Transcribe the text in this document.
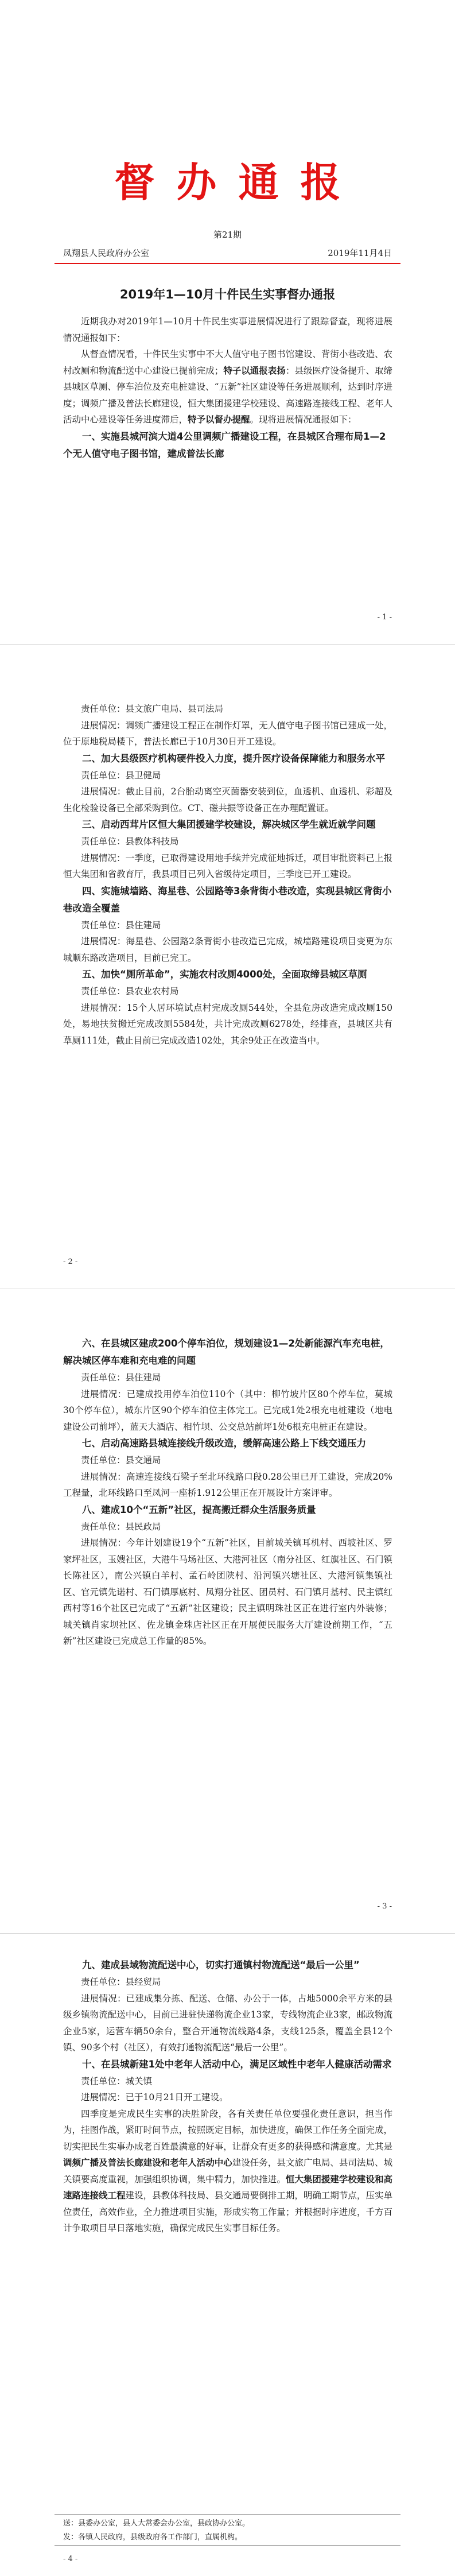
督办通报
第21期
凤翔县人民政府办公室	2019年11月4日
2019年1—10月十件民生实事督办通报

近期我办对2019年1—10月十件民生实事进展情况进行了跟踪督查，现将进展情况通报如下：

从督查情况看，十件民生实事中不大人值守电子图书馆建设、背街小巷改造、农村改厕和物流配送中心建设已提前完成；特子以通报表扬：县级医疗设备提升、取缔县城区草厕、停车泊位及充电桩建设、“五新”社区建设等任务进展顺利，达到时序进度；调频广播及普法长廊建设，恒大集团援建学校建设、高速路连接线工程、老年人活动中心建设等任务进度滞后，特予以督办提醒。现将进展情况通报如下：

一、实施县城河滨大道4公里调频广播建设工程，在县城区合理布局1—2个无人值守电子图书馆，建成普法长廊

- 1 -

责任单位：县文旅广电局、县司法局

进展情况：调频广播建设工程正在制作灯罩，无人值守电子图书馆已建成一处，位于原地税局楼下，普法长廊已于10月30日开工建设。

二、加大县级医疗机构硬件投入力度，提升医疗设备保障能力和服务水平

责任单位：县卫健局

进展情况：截止目前，2台胎动离空灭菌器安装到位，血透机、血透机、彩超及生化检验设备已全部采购到位。CT、磁共振等设备正在办理配置证。

三、启动西茸片区恒大集团援建学校建设，解决城区学生就近就学问题

责任单位：县教体科技局

进展情况：一季度，已取得建设用地手续并完成征地拆迁，项目审批资料已上报恒大集团和省教育厅，我县项目已列入省级待定项目，三季度已开工建设。

四、实施城墙路、海星巷、公园路等3条背街小巷改造，实现县城区背街小巷改造全覆盖

责任单位：县住建局

进展情况：海星巷、公园路2条背街小巷改造已完成，城墙路建设项目变更为东城顺东路改造项目，目前已完工。

五、加快“厕所革命”，实施农村改厕4000处，全面取缔县城区草厕

责任单位：县农业农村局

进展情况：15个人居环境试点村完成改厕544处，全县危房改造完成改厕150处，易地扶贫搬迁完成改厕5584处，共计完成改厕6278处，经排查，县城区共有草厕111处，截止目前已完成改造102处，其余9处正在改造当中。

- 2 -

六、在县城区建成200个停车泊位，规划建设1—2处新能源汽车充电桩，解决城区停车难和充电难的问题

责任单位：县住建局

进展情况：已建成投用停车泊位110个（其中：柳竹坡片区80个停车位，莫城30个停车位），城东片区90个停车泊位主体完工。已完成1处2根充电桩建设（地电建设公司前坪），蓝天大酒店、相竹坝、公交总站前坪1处6根充电桩正在建设。

七、启动高速路县城连接线升级改造，缓解高速公路上下线交通压力

责任单位：县交通局

进展情况：高速连接线石梁子至北环线路口段0.28公里已开工建设，完成20%工程量，北环线路口至凤河一座桥1.912公里正在开展设计方案评审。

八、建成10个“五新”社区，提高搬迁群众生活服务质量

责任单位：县民政局

进展情况：今年计划建设19个“五新”社区，目前城关镇耳机村、西坡社区、罗家坪社区，玉嫂社区，大港牛马场社区、大港河社区（南分社区、红旗社区、石门镇长陈社区），南公兴镇白羊村、孟石岭团陕村、沿河镇兴塘社区、大港河镇集镇社区、官元镇先诺村、石门镇厚底村、凤翔分社区、团员村、石门镇月基村、民主镇红西村等16个社区已完成了“五新”社区建设；民主镇明珠社区正在进行室内外装修；城关镇肖家坝社区、佐龙镇金珠店社区正在开展便民服务大厅建设前期工作，“五新”社区建设已完成总工作量的85%。

- 3 -

九、建成县域物流配送中心，切实打通镇村物流配送“最后一公里”

责任单位：县经贸局

进展情况：已建成集分拣、配送、仓储、办公于一体，占地5000余平方米的县级乡镇物流配送中心，目前已进驻快递物流企业13家，专线物流企业3家，邮政物流企业5家，运营车辆50余台，整合开通物流线路4条，支线125条，覆盖全县12个镇、90多个村（社区），有效打通物流配送“最后一公里”。

十、在县城新建1处中老年人活动中心，满足区域性中老年人健康活动需求

责任单位：城关镇

进展情况：已于10月21日开工建设。

四季度是完成民生实事的决胜阶段，各有关责任单位要强化责任意识，担当作为，挂图作战，紧盯时间节点，按照既定目标，加快进度，确保工作任务全面完成，切实把民生实事办成老百姓最满意的好事，让群众有更多的获得感和满意度。尤其是调频广播及普法长廊建设和老年人活动中心建设任务，县文旅广电局、县司法局、城关镇要高度重视，加强组织协调，集中精力，加快推进。恒大集团援建学校建设和高速路连接线工程建设，县教体科技局、县交通局要倒排工期，明确工期节点，压实单位责任，高效作业，全力推进项目实施，形成实物工作量；并根据时序进度，千方百计争取项目早日落地实施，确保完成民生实事目标任务。

送：县委办公室，县人大常委会办公室，县政协办公室。

发：各镇人民政府，县级政府各工作部门，直属机构。

- 4 -
